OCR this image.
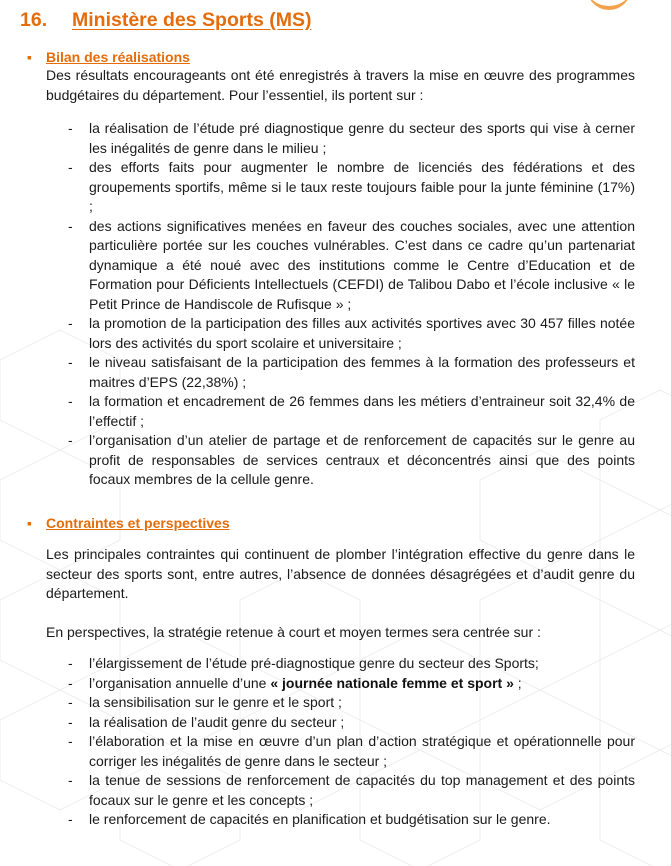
16. Ministère des Sports (MS)
▪ Bilan des réalisations
Des résultats encourageants ont été enregistrés à travers la mise en œuvre des programmes budgétaires du département. Pour l’essentiel, ils portent sur :
- la réalisation de l’étude pré diagnostique genre du secteur des sports qui vise à cerner les inégalités de genre dans le milieu ;
- des efforts faits pour augmenter le nombre de licenciés des fédérations et des groupements sportifs, même si le taux reste toujours faible pour la junte féminine (17%) ;
- des actions significatives menées en faveur des couches sociales, avec une attention particulière portée sur les couches vulnérables. C’est dans ce cadre qu’un partenariat dynamique a été noué avec des institutions comme le Centre d’Education et de Formation pour Déficients Intellectuels (CEFDI) de Talibou Dabo et l’école inclusive « le Petit Prince de Handiscole de Rufisque » ;
- la promotion de la participation des filles aux activités sportives avec 30 457 filles notée lors des activités du sport scolaire et universitaire ;
- le niveau satisfaisant de la participation des femmes à la formation des professeurs et maitres d’EPS (22,38%) ;
- la formation et encadrement de 26 femmes dans les métiers d’entraineur soit 32,4% de l’effectif ;
- l’organisation d’un atelier de partage et de renforcement de capacités sur le genre au profit de responsables de services centraux et déconcentrés ainsi que des points focaux membres de la cellule genre.
▪ Contraintes et perspectives
Les principales contraintes qui continuent de plomber l’intégration effective du genre dans le secteur des sports sont, entre autres, l’absence de données désagrégées et d’audit genre du département.
En perspectives, la stratégie retenue à court et moyen termes sera centrée sur :
- l’élargissement de l’étude pré-diagnostique genre du secteur des Sports;
- l’organisation annuelle d’une « journée nationale femme et sport » ;
- la sensibilisation sur le genre et le sport ;
- la réalisation de l’audit genre du secteur ;
- l’élaboration et la mise en œuvre d’un plan d’action stratégique et opérationnelle pour corriger les inégalités de genre dans le secteur ;
- la tenue de sessions de renforcement de capacités du top management et des points focaux sur le genre et les concepts ;
- le renforcement de capacités en planification et budgétisation sur le genre.
